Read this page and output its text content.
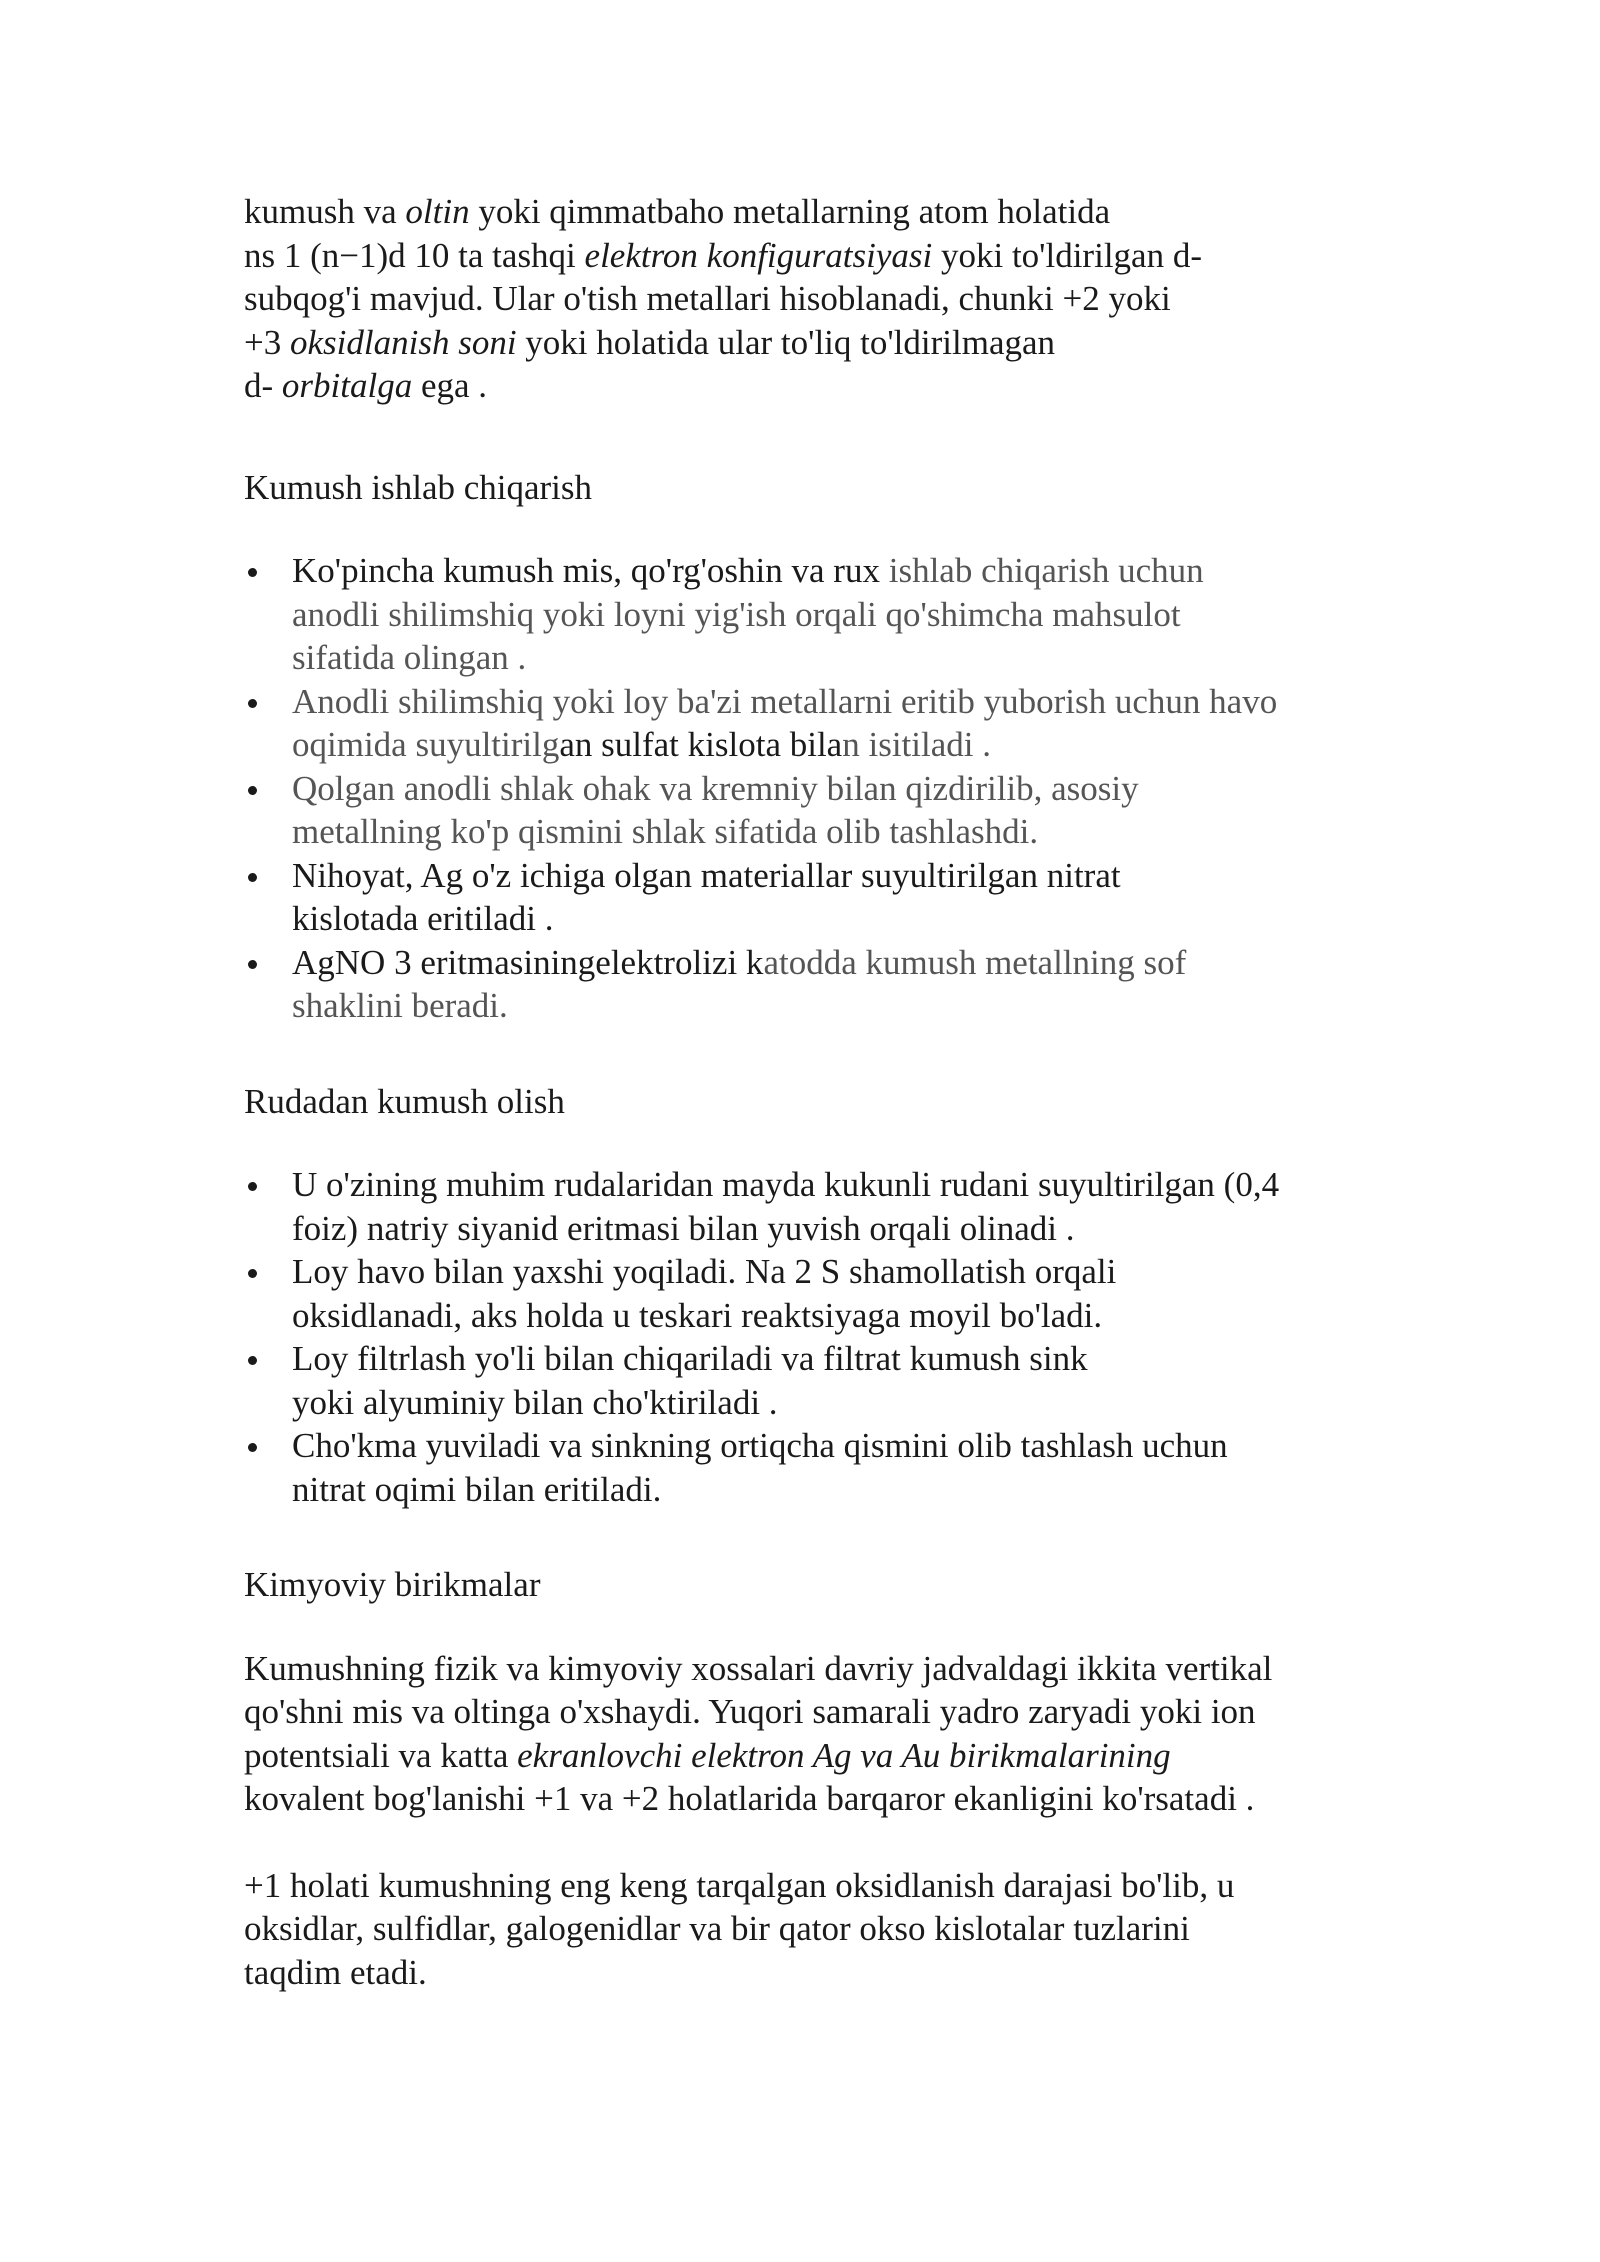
kumush va oltin yoki qimmatbaho metallarning atom holatida
ns 1 (n−1)d 10 ta tashqi elektron konfiguratsiyasi yoki to'ldirilgan d-
subqog'i mavjud. Ular o'tish metallari hisoblanadi, chunki +2 yoki
+3 oksidlanish soni yoki holatida ular to'liq to'ldirilmagan
d- orbitalga ega .

Kumush ishlab chiqarish

Ko'pincha kumush mis, qo'rg'oshin va rux ishlab chiqarish uchun
anodli shilimshiq yoki loyni yig'ish orqali qo'shimcha mahsulot
sifatida olingan .
Anodli shilimshiq yoki loy ba'zi metallarni eritib yuborish uchun havo
oqimida suyultirilgan sulfat kislota bilan isitiladi .
Qolgan anodli shlak ohak va kremniy bilan qizdirilib, asosiy
metallning ko'p qismini shlak sifatida olib tashlashdi.
Nihoyat, Ag o'z ichiga olgan materiallar suyultirilgan nitrat
kislotada eritiladi .
AgNO 3 eritmasiningelektrolizi katodda kumush metallning sof
shaklini beradi.

Rudadan kumush olish

U o'zining muhim rudalaridan mayda kukunli rudani suyultirilgan (0,4
foiz) natriy siyanid eritmasi bilan yuvish orqali olinadi .
Loy havo bilan yaxshi yoqiladi. Na 2 S shamollatish orqali
oksidlanadi, aks holda u teskari reaktsiyaga moyil bo'ladi.
Loy filtrlash yo'li bilan chiqariladi va filtrat kumush sink
yoki alyuminiy bilan cho'ktiriladi .
Cho'kma yuviladi va sinkning ortiqcha qismini olib tashlash uchun
nitrat oqimi bilan eritiladi.

Kimyoviy birikmalar

Kumushning fizik va kimyoviy xossalari davriy jadvaldagi ikkita vertikal
qo'shni mis va oltinga o'xshaydi. Yuqori samarali yadro zaryadi yoki ion
potentsiali va katta ekranlovchi elektron Ag va Au birikmalarining
kovalent bog'lanishi +1 va +2 holatlarida barqaror ekanligini ko'rsatadi .

+1 holati kumushning eng keng tarqalgan oksidlanish darajasi bo'lib, u
oksidlar, sulfidlar, galogenidlar va bir qator okso kislotalar tuzlarini
taqdim etadi.
